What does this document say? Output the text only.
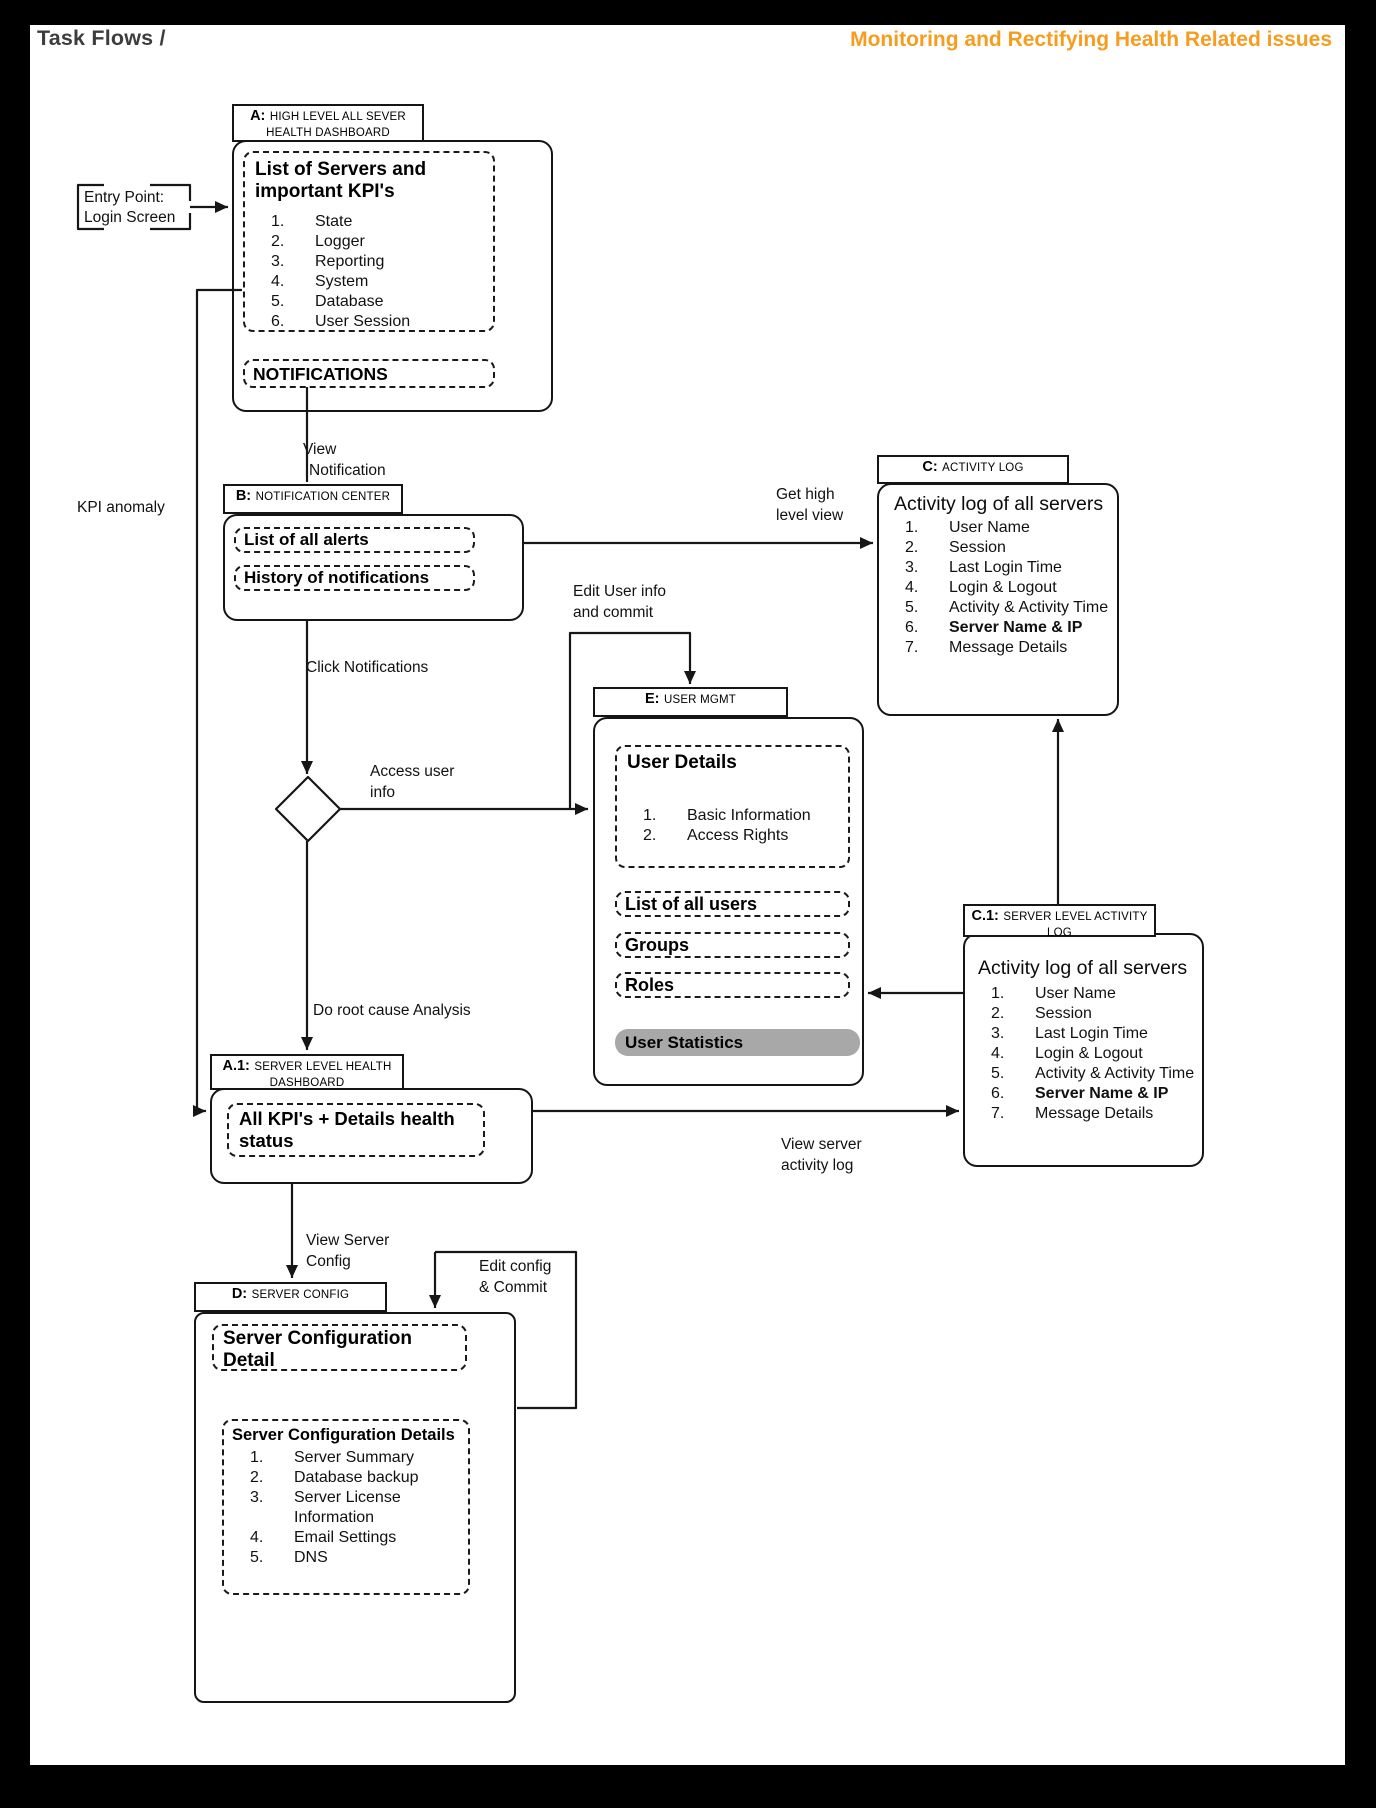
Task Flows /	Monitoring and Rectifying Health Related issues
Entry Point:
Login Screen
List of Servers and important KPI's
1.	State
2.	Logger
3.	Reporting
4.	System
5.	Database
6.	User Session
NOTIFICATIONS
A: HIGH LEVEL ALL SEVER HEALTH DASHBOARD
List of all alerts
History of notifications
B: NOTIFICATION CENTER	Activity log of all servers
1.	User Name
2.	Session
3.	Last Login Time
4.	Login & Logout
5.	Activity & Activity Time
6.	Server Name & IP
7.	Message Details
C: ACTIVITY LOG
Activity log of all servers
1.	User Name
2.	Session
3.	Last Login Time
4.	Login & Logout
5.	Activity & Activity Time
6.	Server Name & IP
7.	Message Details
C.1: SERVER LEVEL ACTIVITY LOG
User Details
1.	Basic Information
2.	Access Rights
List of all users
Groups
Roles
User Statistics
E: USER MGMT
All KPI's + Details health status
A.1: SERVER LEVEL HEALTH DASHBOARD
Server Configuration Detail
Server Configuration Details
1.	Server Summary
2.	Database backup
3.	Server License Information
4.	Email Settings
5.	DNS
D: SERVER CONFIG
View
Notification
Click Notifications
KPI anomaly
Get high
level view
Edit User info
and commit
Access user
info
Do root cause Analysis
View server
activity log
View Server
Config	Edit config
& Commit
